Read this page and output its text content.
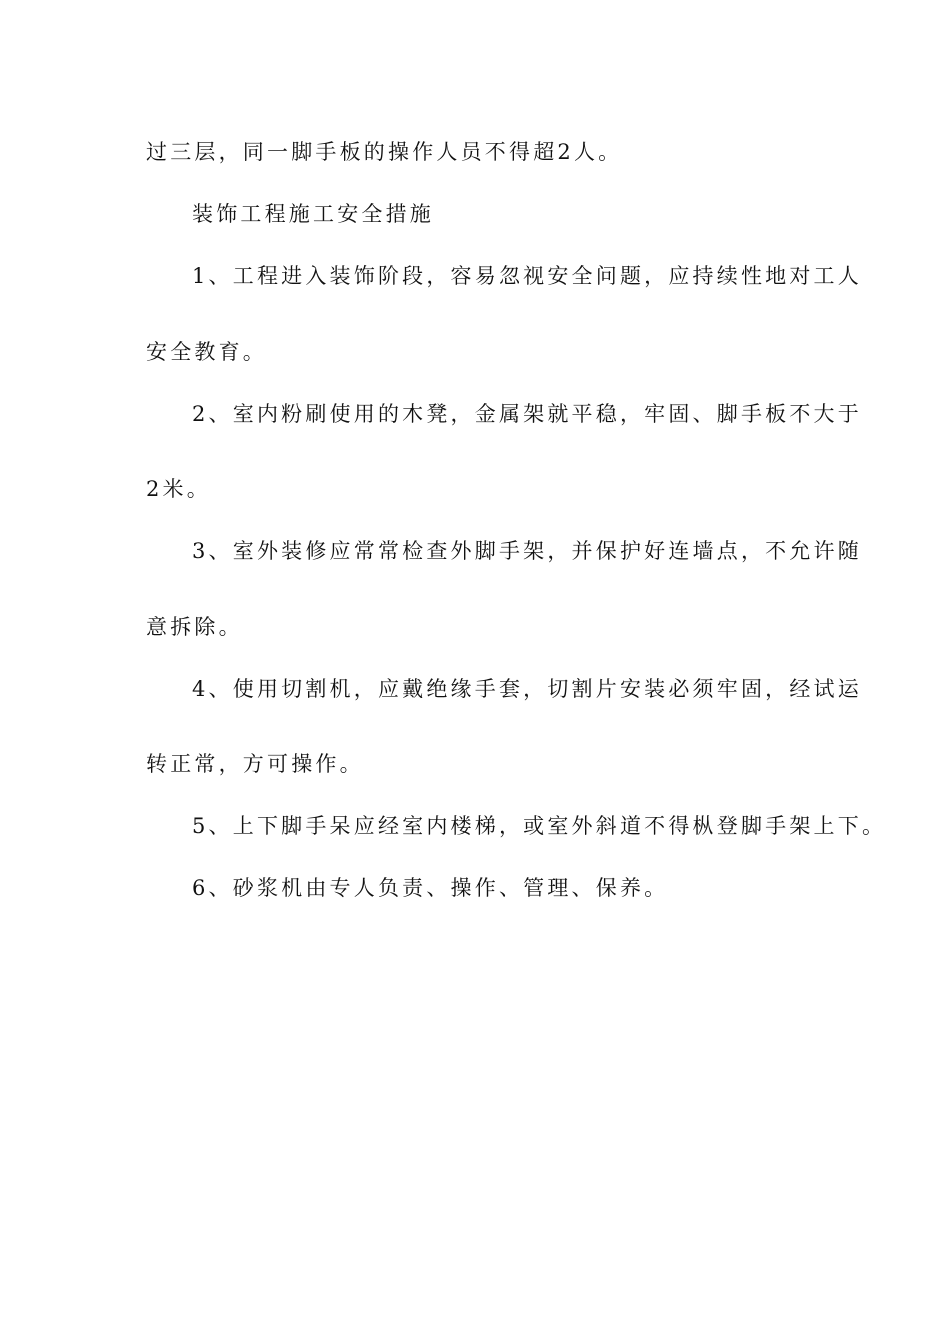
过三层，同一脚手板的操作人员不得超2人。
装饰工程施工安全措施
1、工程进入装饰阶段，容易忽视安全问题，应持续性地对工人
安全教育。
2、室内粉刷使用的木凳，金属架就平稳，牢固、脚手板不大于
2米。
3、室外装修应常常检查外脚手架，并保护好连墙点，不允许随
意拆除。
4、使用切割机，应戴绝缘手套，切割片安装必须牢固，经试运
转正常，方可操作。
5、上下脚手呆应经室内楼梯，或室外斜道不得枞登脚手架上下。
6、砂浆机由专人负责、操作、管理、保养。
